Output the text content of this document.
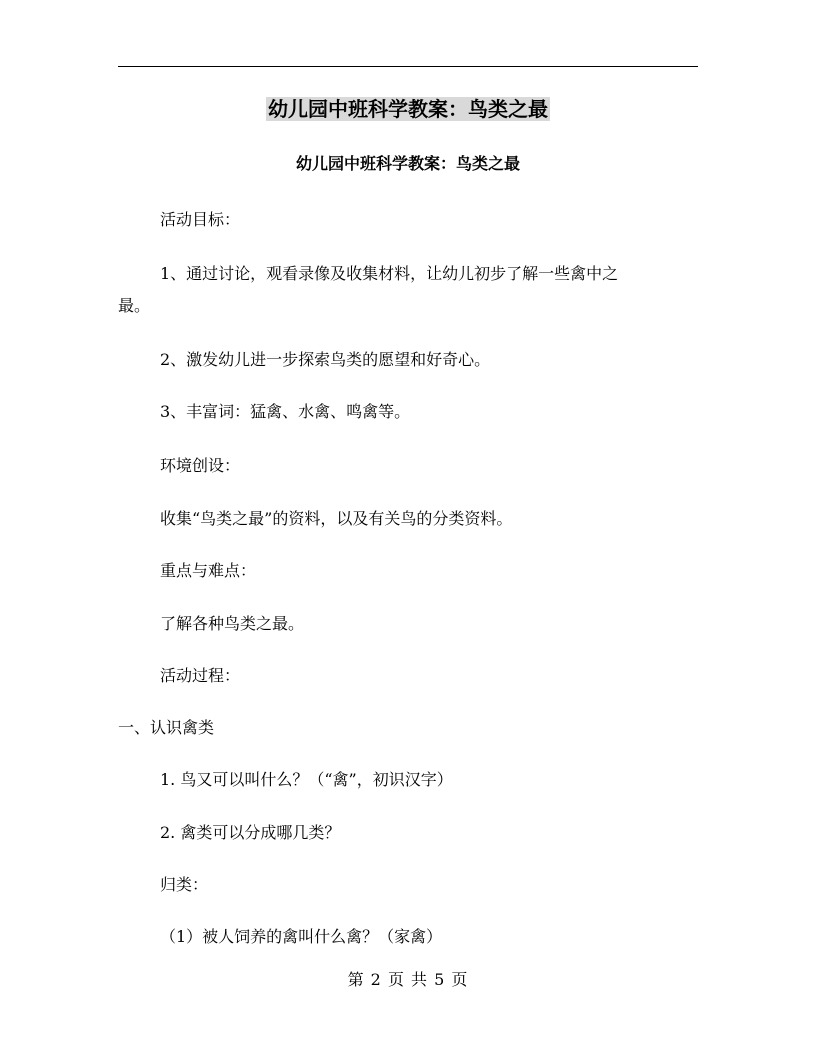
幼儿园中班科学教案：鸟类之最
幼儿园中班科学教案：鸟类之最
活动目标：
1、通过讨论，观看录像及收集材料，让幼儿初步了解一些禽中之
最。
2、激发幼儿进一步探索鸟类的愿望和好奇心。
3、丰富词：猛禽、水禽、鸣禽等。
环境创设：
收集“鸟类之最”的资料，以及有关鸟的分类资料。
重点与难点：
了解各种鸟类之最。
活动过程：
一、认识禽类
1. 鸟又可以叫什么？（“禽”，初识汉字）
2. 禽类可以分成哪几类？
归类：
（1）被人饲养的禽叫什么禽？（家禽）
第 2 页 共 5 页
